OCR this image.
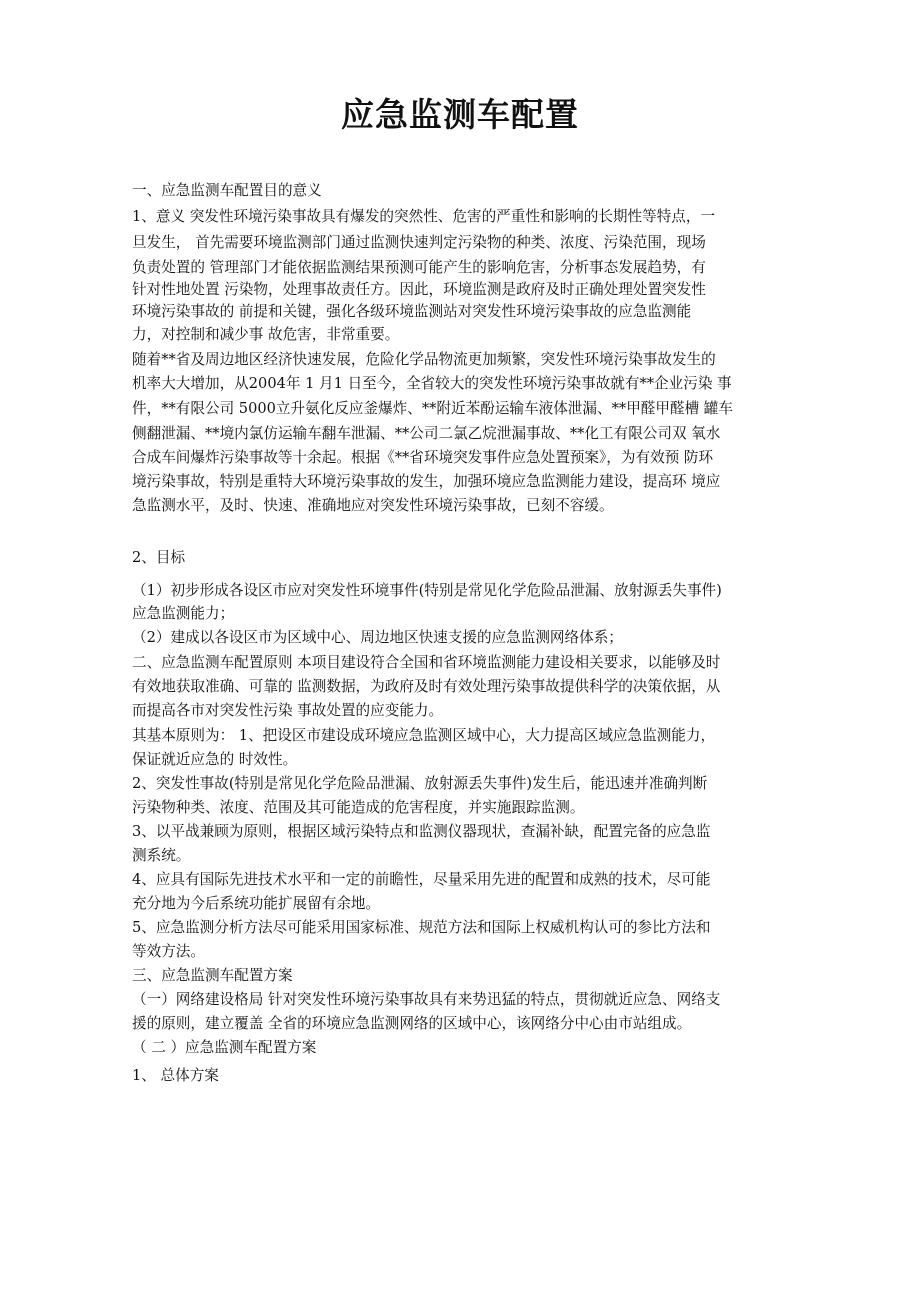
应急监测车配置
一、应急监测车配置目的意义
1、意义 突发性环境污染事故具有爆发的突然性、危害的严重性和影响的长期性等特点，一
旦发生， 首先需要环境监测部门通过监测快速判定污染物的种类、浓度、污染范围，现场
负责处置的 管理部门才能依据监测结果预测可能产生的影响危害，分析事态发展趋势，有
针对性地处置 污染物，处理事故责任方。因此，环境监测是政府及时正确处理处置突发性
环境污染事故的 前提和关键，强化各级环境监测站对突发性环境污染事故的应急监测能
力，对控制和减少事 故危害，非常重要。
随着**省及周边地区经济快速发展，危险化学品物流更加频繁，突发性环境污染事故发生的
机率大大增加，从2004年 1 月1 日至今，全省较大的突发性环境污染事故就有**企业污染 事
件，**有限公司 5000立升氨化反应釜爆炸、**附近苯酚运输车液体泄漏、**甲醛甲醛槽 罐车
侧翻泄漏、**境内氯仿运输车翻车泄漏、**公司二氯乙烷泄漏事故、**化工有限公司双 氧水
合成车间爆炸污染事故等十余起。根据《**省环境突发事件应急处置预案》，为有效预 防环
境污染事故，特别是重特大环境污染事故的发生，加强环境应急监测能力建设，提高环 境应
急监测水平，及时、快速、准确地应对突发性环境污染事故，已刻不容缓。
2、目标
（1）初步形成各设区市应对突发性环境事件(特别是常见化学危险品泄漏、放射源丢失事件)
应急监测能力；
（2）建成以各设区市为区域中心、周边地区快速支援的应急监测网络体系；
二、应急监测车配置原则 本项目建设符合全国和省环境监测能力建设相关要求，以能够及时
有效地获取准确、可靠的 监测数据，为政府及时有效处理污染事故提供科学的决策依据，从
而提高各市对突发性污染 事故处置的应变能力。
其基本原则为： 1、把设区市建设成环境应急监测区域中心，大力提高区域应急监测能力，
保证就近应急的 时效性。
2、突发性事故(特别是常见化学危险品泄漏、放射源丢失事件)发生后，能迅速并准确判断
污染物种类、浓度、范围及其可能造成的危害程度，并实施跟踪监测。
3、以平战兼顾为原则，根据区域污染特点和监测仪器现状，查漏补缺，配置完备的应急监
测系统。
4、应具有国际先进技术水平和一定的前瞻性，尽量采用先进的配置和成熟的技术，尽可能
充分地为今后系统功能扩展留有余地。
5、应急监测分析方法尽可能采用国家标准、规范方法和国际上权威机构认可的参比方法和
等效方法。
三、应急监测车配置方案
（一）网络建设格局 针对突发性环境污染事故具有来势迅猛的特点，贯彻就近应急、网络支
援的原则，建立覆盖 全省的环境应急监测网络的区域中心，该网络分中心由市站组成。
（ 二 ）应急监测车配置方案
1、 总体方案
